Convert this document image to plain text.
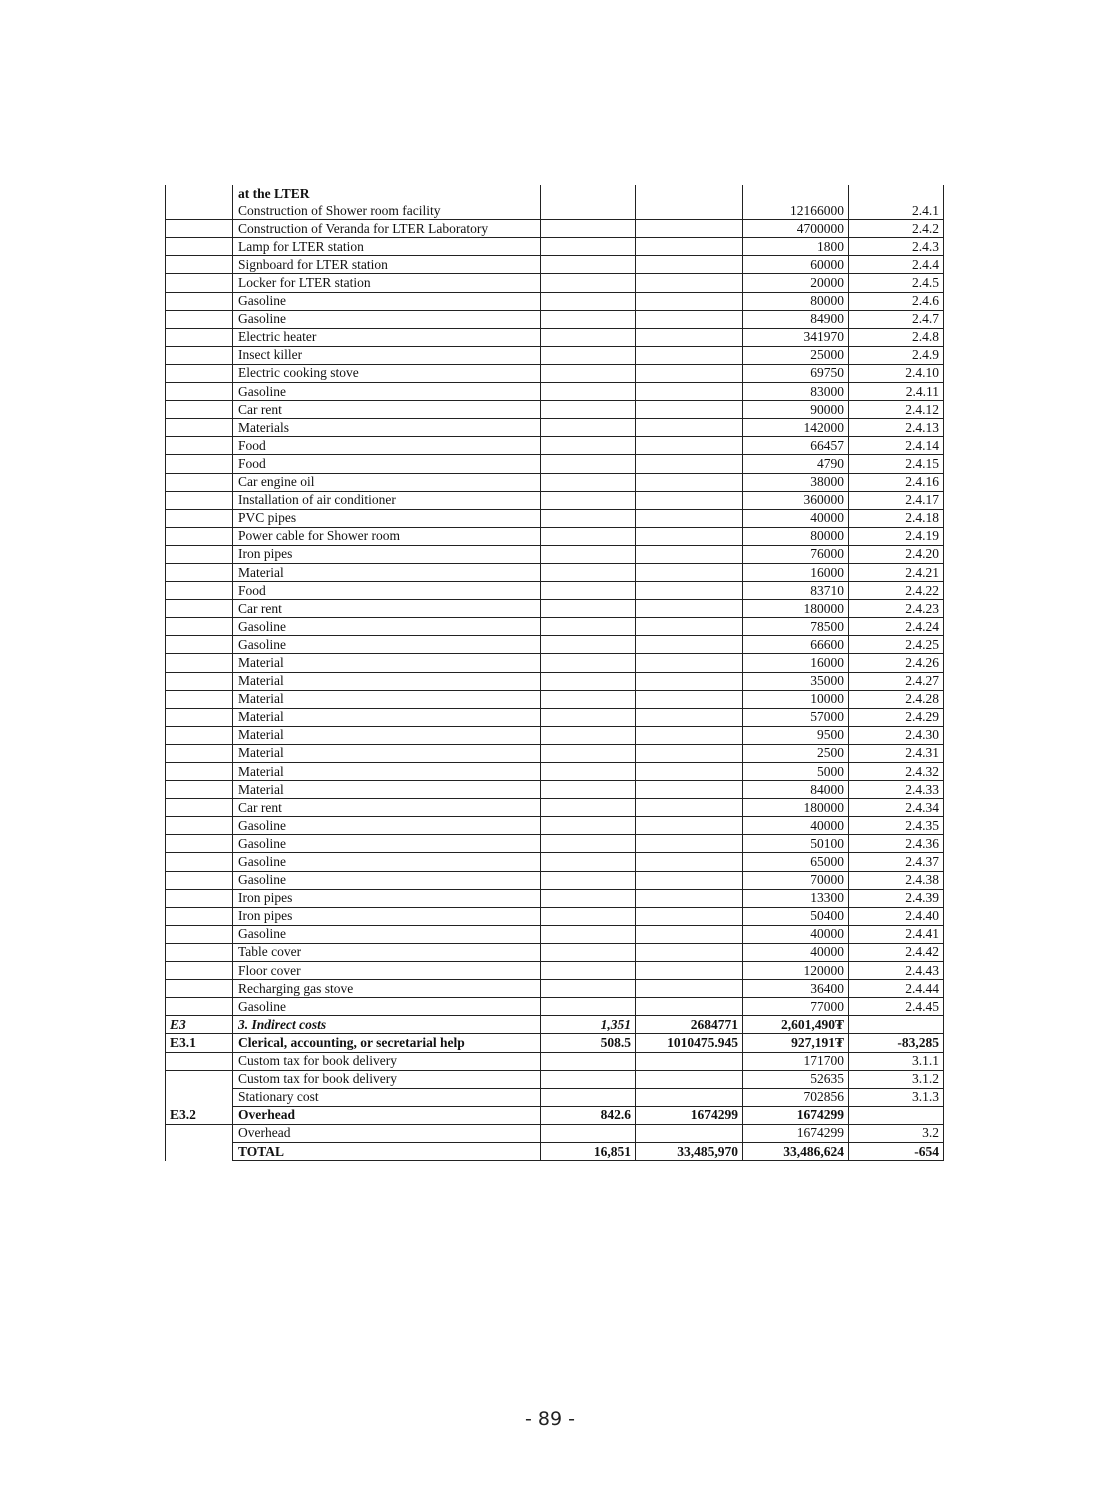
	at the LTER				
	Construction of Shower room facility			12166000	2.4.1
	Construction of Veranda for LTER Laboratory			4700000	2.4.2
	Lamp for LTER station			1800	2.4.3
	Signboard for LTER station			60000	2.4.4
	Locker for LTER station			20000	2.4.5
	Gasoline			80000	2.4.6
	Gasoline			84900	2.4.7
	Electric heater			341970	2.4.8
	Insect killer			25000	2.4.9
	Electric cooking stove			69750	2.4.10
	Gasoline			83000	2.4.11
	Car rent			90000	2.4.12
	Materials			142000	2.4.13
	Food			66457	2.4.14
	Food			4790	2.4.15
	Car engine oil			38000	2.4.16
	Installation of air conditioner			360000	2.4.17
	PVC pipes			40000	2.4.18
	Power cable for Shower room			80000	2.4.19
	Iron pipes			76000	2.4.20
	Material			16000	2.4.21
	Food			83710	2.4.22
	Car rent			180000	2.4.23
	Gasoline			78500	2.4.24
	Gasoline			66600	2.4.25
	Material			16000	2.4.26
	Material			35000	2.4.27
	Material			10000	2.4.28
	Material			57000	2.4.29
	Material			9500	2.4.30
	Material			2500	2.4.31
	Material			5000	2.4.32
	Material			84000	2.4.33
	Car rent			180000	2.4.34
	Gasoline			40000	2.4.35
	Gasoline			50100	2.4.36
	Gasoline			65000	2.4.37
	Gasoline			70000	2.4.38
	Iron pipes			13300	2.4.39
	Iron pipes			50400	2.4.40
	Gasoline			40000	2.4.41
	Table cover			40000	2.4.42
	Floor cover			120000	2.4.43
	Recharging gas stove			36400	2.4.44
	Gasoline			77000	2.4.45
E3	3. Indirect costs	1,351	2684771	2,601,490₮	
E3.1	Clerical, accounting, or secretarial help	508.5	1010475.945	927,191₮	-83,285
	Custom tax for book delivery			171700	3.1.1
	Custom tax for book delivery			52635	3.1.2
	Stationary cost			702856	3.1.3
E3.2	Overhead	842.6	1674299	1674299	
	Overhead			1674299	3.2
	TOTAL	16,851	33,485,970	33,486,624	-654
- 89 -
